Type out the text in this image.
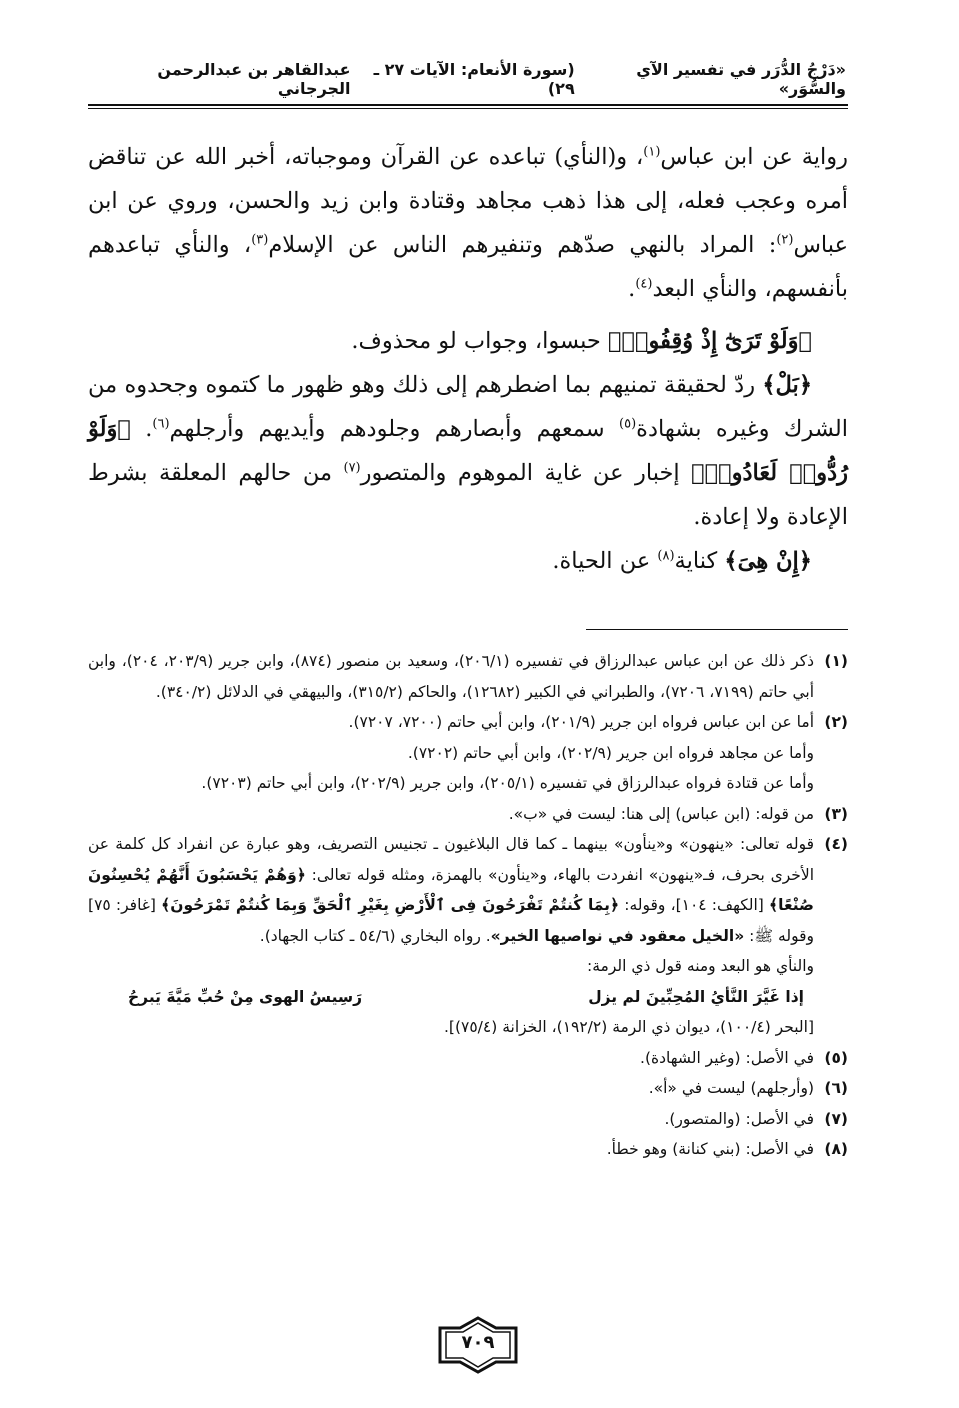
«دَرْجُ الدُّرَر في تفسير الآي والسُّوَر»
(سورة الأنعام: الآيات ٢٧ ـ ٢٩)
عبدالقاهر بن عبدالرحمن الجرجاني

رواية عن ابن عباس$^{(١)}$، و(النأي) تباعده عن القرآن وموجباته، أخبر الله عن تناقض أمره وعجب فعله، إلى هذا ذهب مجاهد وقتادة وابن زيد والحسن، وروي عن ابن عباس$^{(٢)}$: المراد بالنهي صدّهم وتنفيرهم الناس عن الإسلام$^{(٣)}$، والنأي تباعدهم بأنفسهم، والنأي البعد$^{(٤)}$.

﴿وَلَوْ تَرَىٰٓ إِذْ وُقِفُوا۟﴾ حبسوا، وجواب لو محذوف.

﴿بَلْ﴾ ردّ لحقيقة تمنيهم بما اضطرهم إلى ذلك وهو ظهور ما كتموه وجحدوه من الشرك وغيره بشهادة$^{(٥)}$ سمعهم وأبصارهم وجلودهم وأيديهم وأرجلهم$^{(٦)}$. ﴿وَلَوْ رُدُّوا۟ لَعَادُوا۟﴾ إخبار عن غاية الموهوم والمتصور$^{(٧)}$ من حالهم المعلقة بشرط الإعادة ولا إعادة.

﴿إِنْ هِىَ﴾ كناية$^{(٨)}$ عن الحياة.

(١)
ذكر ذلك عن ابن عباس عبدالرزاق في تفسيره (٢٠٦/١)، وسعيد بن منصور (٨٧٤)، وابن جرير (٢٠٣/٩، ٢٠٤)، وابن أبي حاتم (٧١٩٩، ٧٢٠٦)، والطبراني في الكبير (١٢٦٨٢)، والحاكم (٣١٥/٢)، والبيهقي في الدلائل (٣٤٠/٢).
(٢)
أما عن ابن عباس فرواه ابن جرير (٢٠١/٩)، وابن أبي حاتم (٧٢٠٠، ٧٢٠٧).
وأما عن مجاهد فرواه ابن جرير (٢٠٢/٩)، وابن أبي حاتم (٧٢٠٢).
وأما عن قتادة فرواه عبدالرزاق في تفسيره (٢٠٥/١)، وابن جرير (٢٠٢/٩)، وابن أبي حاتم (٧٢٠٣).
(٣)
من قوله: (ابن عباس) إلى هنا: ليست في «ب».
(٤)
قوله تعالى: «ينهون» و«ينأون» بينهما ـ كما قال البلاغيون ـ تجنيس التصريف، وهو عبارة عن انفراد كل كلمة عن الأخرى بحرف، فـ«ينهون» انفردت بالهاء، و«ينأون» بالهمزة، ومثله قوله تعالى: ﴿وَهُمْ يَحْسَبُونَ أَنَّهُمْ يُحْسِنُونَ صُنْعًا﴾ [الكهف: ١٠٤]، وقوله: ﴿بِمَا كُنتُمْ تَفْرَحُونَ فِى ٱلْأَرْضِ بِغَيْرِ ٱلْحَقِّ وَبِمَا كُنتُمْ تَمْرَحُونَ﴾ [غافر: ٧٥] وقوله ﷺ: «الخيل معقود في نواصيها الخير». رواه البخاري (٥٤/٦ ـ كتاب الجهاد).
والنأي هو البعد ومنه قول ذي الرمة:
إذا غَيَّرَ النَّأيُ المُحِبِّينَ لم يزل
رَسِيسُ الهوى مِنْ حُبِّ مَيَّةَ يَبرحُ
[البحر (١٠٠/٤)، ديوان ذي الرمة (١٩٢/٢)، الخزانة (٧٥/٤)].
(٥)
في الأصل: (وغير الشهادة).
(٦)
(وأرجلهم) ليست في «أ».
(٧)
في الأصل: (والمتصور).
(٨)
في الأصل: (بني كنانة) وهو خطأ.
٧٠٩
